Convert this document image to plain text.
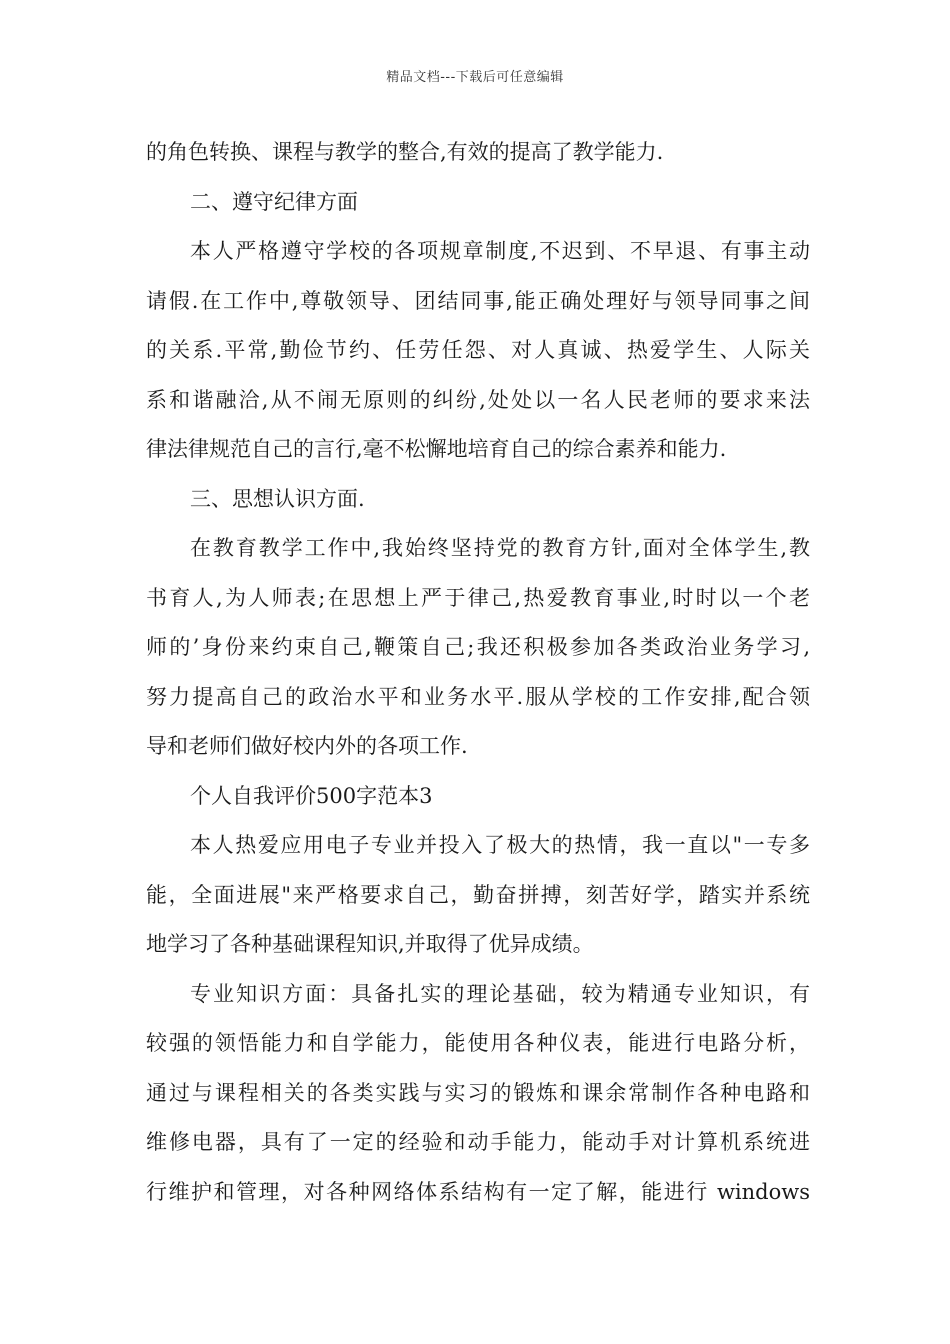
精品文档---下载后可任意编辑
的角色转换、课程与教学的整合,有效的提高了教学能力.
二、遵守纪律方面
本人严格遵守学校的各项规章制度,不迟到、不早退、有事主动
请假.在工作中,尊敬领导、团结同事,能正确处理好与领导同事之间
的关系.平常,勤俭节约、任劳任怨、对人真诚、热爱学生、人际关
系和谐融洽,从不闹无原则的纠纷,处处以一名人民老师的要求来法
律法律规范自己的言行,毫不松懈地培育自己的综合素养和能力.
三、思想认识方面.
在教育教学工作中,我始终坚持党的教育方针,面对全体学生,教
书育人,为人师表;在思想上严于律己,热爱教育事业,时时以一个老
师的’身份来约束自己,鞭策自己;我还积极参加各类政治业务学习,
努力提高自己的政治水平和业务水平.服从学校的工作安排,配合领
导和老师们做好校内外的各项工作.
个人自我评价500字范本3
本人热爱应用电子专业并投入了极大的热情，我一直以"一专多
能，全面进展"来严格要求自己，勤奋拼搏，刻苦好学，踏实并系统
地学习了各种基础课程知识,并取得了优异成绩。
专业知识方面：具备扎实的理论基础，较为精通专业知识，有
较强的领悟能力和自学能力，能使用各种仪表，能进行电路分析，
通过与课程相关的各类实践与实习的锻炼和课余常制作各种电路和
维修电器，具有了一定的经验和动手能力，能动手对计算机系统进
行维护和管理，对各种网络体系结构有一定了解，能进行 windows
